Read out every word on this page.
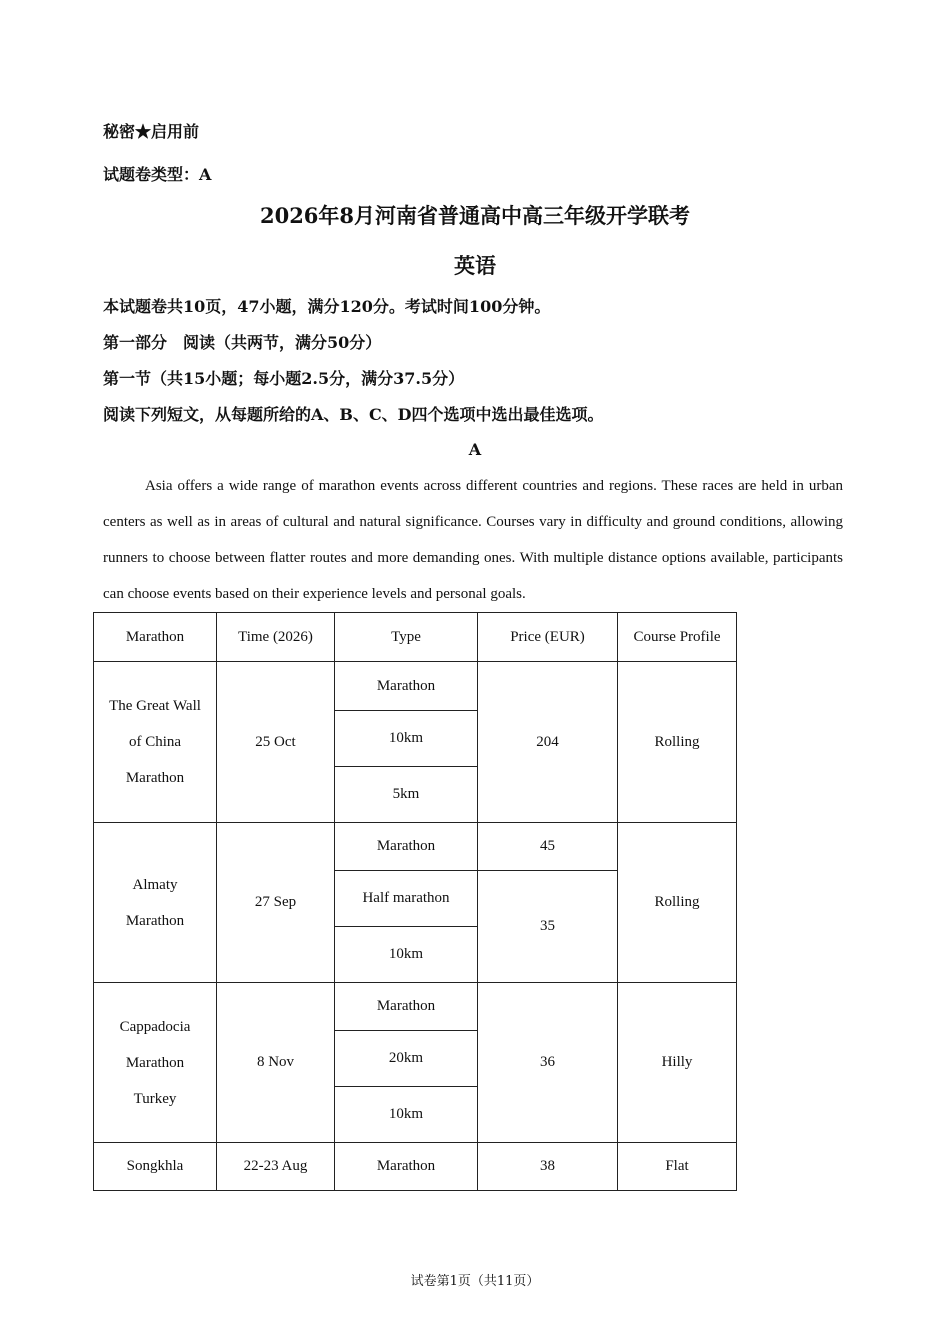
秘密★启用前
试题卷类型：A
2026年8月河南省普通高中高三年级开学联考
英语
本试题卷共10页，47小题，满分120分。考试时间100分钟。
第一部分　阅读（共两节，满分50分）
第一节（共15小题；每小题2.5分，满分37.5分）
阅读下列短文，从每题所给的A、B、C、D四个选项中选出最佳选项。
A
Asia offers a wide range of marathon events across different countries and regions. These races are held in urban centers as well as in areas of cultural and natural significance. Courses vary in difficulty and ground conditions, allowing runners to choose between flatter routes and more demanding ones. With multiple distance options available, participants can choose events based on their experience levels and personal goals.
Marathon	Time (2026)	Type	Price (EUR)	Course Profile

The Great Wall
of China
Marathon	25 Oct	Marathon	204	Rolling
		10km		
		5km		

Almaty
Marathon	27 Sep	Marathon	45	Rolling
		Half marathon	35	
		10km		

Cappadocia
Marathon
Turkey	8 Nov	Marathon	36	Hilly
		20km		
		10km		
Songkhla	22-23 Aug	Marathon	38	Flat
试卷第1页（共11页）
